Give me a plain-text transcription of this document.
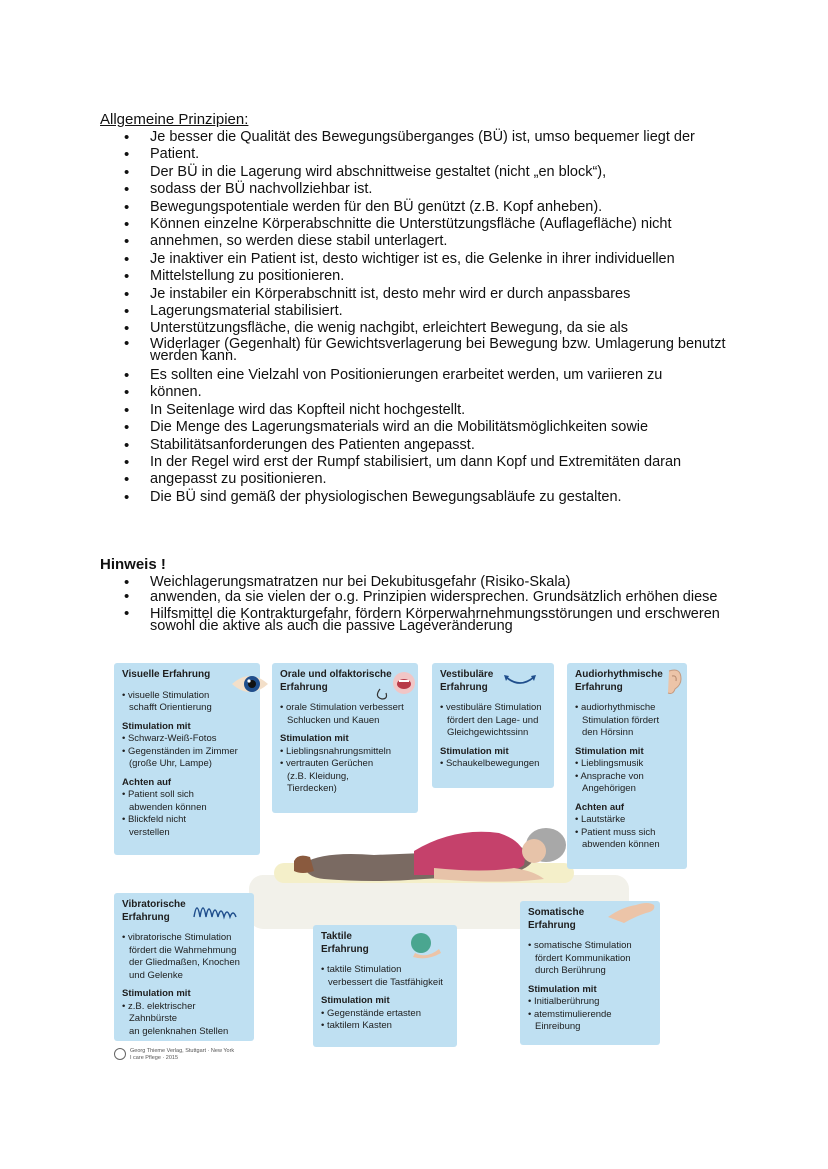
Allgemeine Prinzipien:
• Je besser die Qualität des Bewegungsüberganges (BÜ) ist, umso bequemer liegt der
• Patient.
• Der BÜ in die Lagerung wird abschnittweise gestaltet (nicht „en block“),
• sodass der BÜ nachvollziehbar ist.
• Bewegungspotentiale werden für den BÜ genützt (z.B. Kopf anheben).
• Können einzelne Körperabschnitte die Unterstützungsfläche (Auflagefläche) nicht
• annehmen, so werden diese stabil unterlagert.
• Je inaktiver ein Patient ist, desto wichtiger ist es, die Gelenke in ihrer individuellen
• Mittelstellung zu positionieren.
• Je instabiler ein Körperabschnitt ist, desto mehr wird er durch anpassbares
• Lagerungsmaterial stabilisiert.
• Unterstützungsfläche, die wenig nachgibt, erleichtert Bewegung, da sie als
• Widerlager (Gegenhalt) für Gewichtsverlagerung bei Bewegung bzw. Umlagerung benutzt werden kann.
• Es sollten eine Vielzahl von Positionierungen erarbeitet werden, um variieren zu
• können.
• In Seitenlage wird das Kopfteil nicht hochgestellt.
• Die Menge des Lagerungsmaterials wird an die Mobilitätsmöglichkeiten sowie
• Stabilitätsanforderungen des Patienten angepasst.
• In der Regel wird erst der Rumpf stabilisiert, um dann Kopf und Extremitäten daran
• angepasst zu positionieren.
• Die BÜ sind gemäß der physiologischen Bewegungsabläufe zu gestalten.
Hinweis !
• Weichlagerungsmatratzen nur bei Dekubitusgefahr (Risiko-Skala)
• anwenden, da sie vielen der o.g. Prinzipien widersprechen. Grundsätzlich erhöhen diese
• Hilfsmittel die Kontrakturgefahr, fördern Körperwahrnehmungsstörungen und erschweren sowohl die aktive als auch die passive Lageveränderung
Visuelle Erfahrung
• visuelle Stimulation
schafft Orientierung
Stimulation mit
• Schwarz-Weiß-Fotos
• Gegenständen im Zimmer
(große Uhr, Lampe)
Achten auf
• Patient soll sich
abwenden können
• Blickfeld nicht
verstellen
Orale und olfaktorische Erfahrung
• orale Stimulation verbessert
Schlucken und Kauen
Stimulation mit
• Lieblingsnahrungsmitteln
• vertrauten Gerüchen
(z.B. Kleidung,
Tierdecken)
Vestibuläre Erfahrung
• vestibuläre Stimulation
fördert den Lage- und
Gleichgewichtssinn
Stimulation mit
• Schaukelbewegungen
Audiorhythmische Erfahrung
• audiorhythmische
Stimulation fördert
den Hörsinn
Stimulation mit
• Lieblingsmusik
• Ansprache von
Angehörigen
Achten auf
• Lautstärke
• Patient muss sich
abwenden können
Vibratorische Erfahrung
• vibratorische Stimulation
fördert die Wahrnehmung
der Gliedmaßen, Knochen
und Gelenke
Stimulation mit
• z.B. elektrischer Zahnbürste
an gelenknahen Stellen
Taktile Erfahrung
• taktile Stimulation
verbessert die Tastfähigkeit
Stimulation mit
• Gegenstände ertasten
• taktilem Kasten
Somatische Erfahrung
• somatische Stimulation
fördert Kommunikation
durch Berührung
Stimulation mit
• Initialberührung
• atemstimulierende
Einreibung
Georg Thieme Verlag, Stuttgart · New York
I care Pflege · 2015
